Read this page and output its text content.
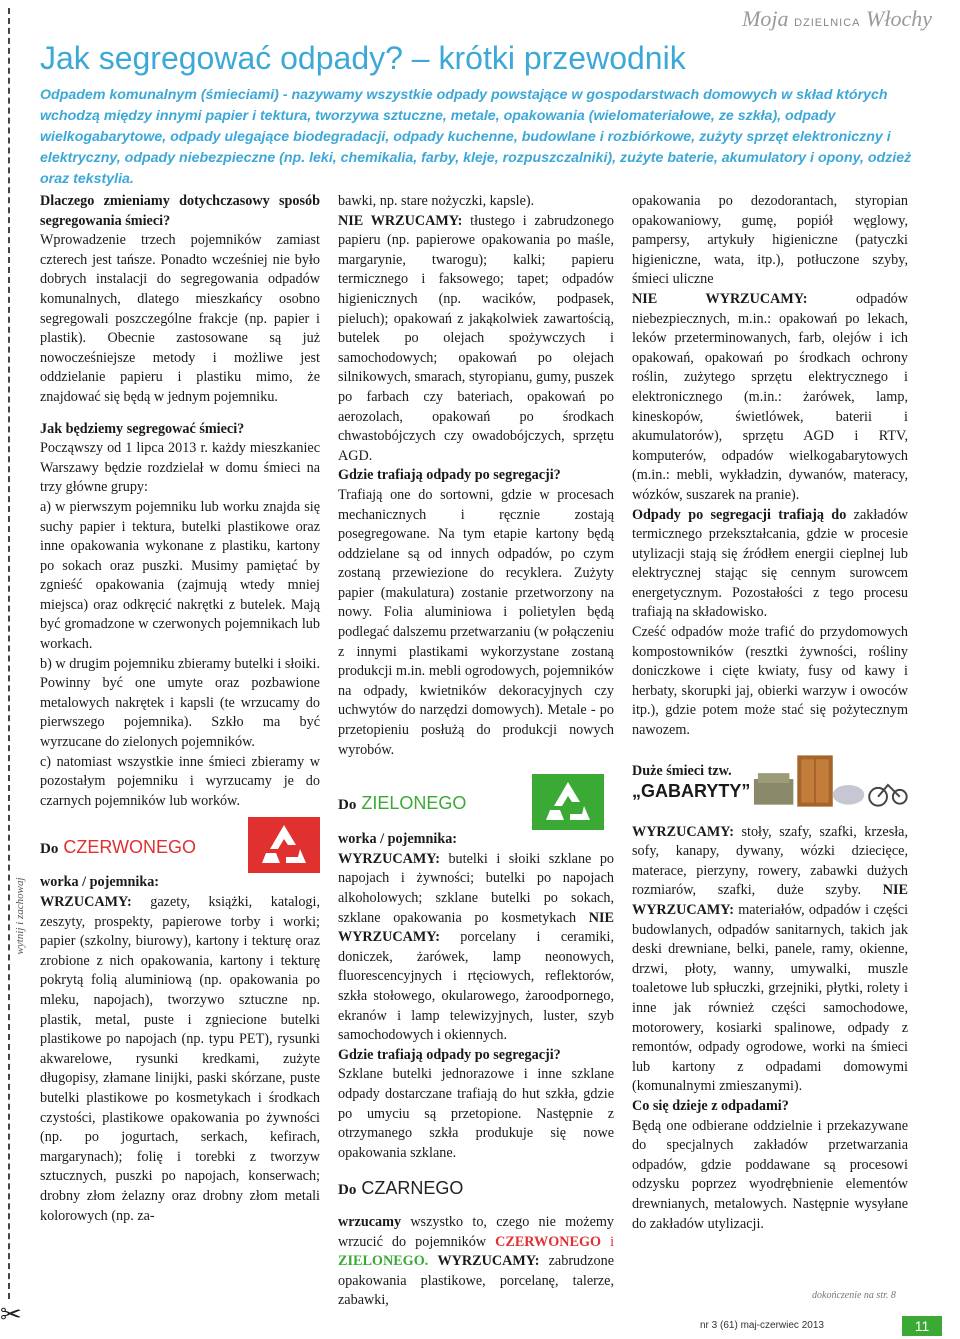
wytnij i zachowaj
✂
Moja DZIELNICA Włochy
Jak segregować odpady? – krótki przewodnik

Odpadem komunalnym (śmieciami) - nazywamy wszystkie odpady powstające w gospodarstwach domowych w skład których wchodzą między innymi papier i tektura, tworzywa sztuczne, metale, opakowania (wielomateriałowe, ze szkła), odpady wielkogabarytowe, odpady ulegające biodegradacji, odpady kuchenne, budowlane i rozbiórkowe, zużyty sprzęt elektroniczny i elektryczny, odpady niebezpieczne (np. leki, chemikalia, farby, kleje, rozpuszczalniki), zużyte baterie, akumulatory i opony, odzież oraz tekstylia.

Dlaczego zmieniamy dotychczasowy sposób segregowania śmieci?

Wprowadzenie trzech pojemników zamiast czterech jest tańsze. Ponadto wcześniej nie było dobrych instalacji do segregowania odpadów komunalnych, dlatego mieszkańcy osobno segregowali poszczególne frakcje (np. papier i plastik). Obecnie zastosowane są już nowocześniejsze metody i możliwe jest oddzielanie papieru i plastiku mimo, że znajdować się będą w jednym pojemniku.

Jak będziemy segregować śmieci?

Począwszy od 1 lipca 2013 r. każdy mieszkaniec Warszawy będzie rozdzielał w domu śmieci na trzy główne grupy:

a) w pierwszym pojemniku lub worku znajda się suchy papier i tektura, butelki plastikowe oraz inne opakowania wykonane z plastiku, kartony po sokach oraz puszki. Musimy pamiętać by zgnieść opakowania (zajmują wtedy mniej miejsca) oraz odkręcić nakrętki z butelek. Mają być gromadzone w czerwonych pojemnikach lub workach.

b) w drugim pojemniku zbieramy butelki i słoiki. Powinny być one umyte oraz pozbawione metalowych nakrętek i kapsli (te wrzucamy do pierwszego pojemnika). Szkło ma być wyrzucane do zielonych pojemników.

c) natomiast wszystkie inne śmieci zbieramy w pozostałym pojemniku i wyrzucamy je do czarnych pojemników lub worków.

Do CZERWONEGO

worka / pojemnika:

WRZUCAMY: gazety, książki, katalogi, zeszyty, prospekty, papierowe torby i worki; papier (szkolny, biurowy), kartony i tekturę oraz zrobione z nich opakowania, kartony i tekturę pokrytą folią aluminiową (np. opakowania po mleku, napojach), tworzywo sztuczne np. plastik, metal, puste i zgniecione butelki plastikowe po napojach (np. typu PET), rysunki akwarelowe, rysunki kredkami, zużyte długopisy, złamane linijki, paski skórzane, puste butelki plastikowe po kosmetykach i środkach czystości, plastikowe opakowania po żywności (np. po jogurtach, serkach, kefirach, margarynach); folię i torebki z tworzyw sztucznych, puszki po napojach, konserwach; drobny złom żelazny oraz drobny złom metali kolorowych (np. za-

bawki, np. stare nożyczki, kapsle).

NIE WRZUCAMY: tłustego i zabrudzonego papieru (np. papierowe opakowania po maśle, margarynie, twarogu); kalki; papieru termicznego i faksowego; tapet; odpadów higienicznych (np. wacików, podpasek, pieluch); opakowań z jakąkolwiek zawartością, butelek po olejach spożywczych i samochodowych; opakowań po olejach silnikowych, smarach, styropianu, gumy, puszek po farbach czy bateriach, opakowań po aerozolach, opakowań po środkach chwastobójczych czy owadobójczych, sprzętu AGD.

Gdzie trafiają odpady po segregacji?

Trafiają one do sortowni, gdzie w procesach mechanicznych i ręcznie zostają posegregowane. Na tym etapie kartony będą oddzielane są od innych odpadów, po czym zostaną przewiezione do recyklera. Zużyty papier (makulatura) zostanie przetworzony na nowy. Folia aluminiowa i polietylen będą podlegać dalszemu przetwarzaniu (w połączeniu z innymi plastikami wykorzystane zostaną produkcji m.in. mebli ogrodowych, pojemników na odpady, kwietników dekoracyjnych czy uchwytów do narzędzi domowych). Metale - po przetopieniu posłużą do produkcji nowych wyrobów.

Do ZIELONEGO

worka / pojemnika:

WYRZUCAMY: butelki i słoiki szklane po napojach i żywności; butelki po napojach alkoholowych; szklane butelki po sokach, szklane opakowania po kosmetykach NIE WYRZUCAMY: porcelany i ceramiki, doniczek, żarówek, lamp neonowych, fluorescencyjnych i rtęciowych, reflektorów, szkła stołowego, okularowego, żaroodpornego, ekranów i lamp telewizyjnych, luster, szyb samochodowych i okiennych.

Gdzie trafiają odpady po segregacji?

Szklane butelki jednorazowe i inne szklane odpady dostarczane trafiają do hut szkła, gdzie po umyciu są przetopione. Następnie z otrzymanego szkła produkuje się nowe opakowania szklane.

Do CZARNEGO

wrzucamy wszystko to, czego nie możemy wrzucić do pojemników CZERWONEGO i ZIELONEGO. WYRZUCAMY: zabrudzone opakowania plastikowe, porcelanę, talerze, zabawki,

opakowania po dezodorantach, styropian opakowaniowy, gumę, popiół węglowy, pampersy, artykuły higieniczne (patyczki higieniczne, wata, itp.), potłuczone szyby, śmieci uliczne

NIE WYRZUCAMY:	odpadów niebezpiecznych, m.in.: opakowań po lekach, leków przeterminowanych, farb, olejów i ich opakowań, opakowań po środkach ochrony roślin, zużytego sprzętu elektrycznego i elektronicznego (m.in.: żarówek, lamp, kineskopów, świetlówek, baterii i akumulatorów), sprzętu AGD i RTV, komputerów, odpadów wielkogabarytowych (m.in.: mebli, wykładzin, dywanów, materacy, wózków, suszarek na pranie).

Odpady po segregacji trafiają do zakładów termicznego przekształcania, gdzie w procesie utylizacji stają się źródłem energii cieplnej lub elektrycznej stając się cennym surowcem energetycznym. Pozostałości z tego procesu trafiają na składowisko.

Cześć odpadów może trafić do przydomowych kompostowników (resztki żywności, rośliny doniczkowe i cięte kwiaty, fusy od kawy i herbaty, skorupki jaj, obierki warzyw i owoców itp.), gdzie potem może stać się pożytecznym nawozem.

Duże śmieci tzw.

„GABARYTY”

WYRZUCAMY: stoły, szafy, szafki, krzesła, sofy, kanapy, dywany, wózki dziecięce, materace, pierzyny, rowery, zabawki dużych rozmiarów, szafki, duże szyby. NIE WYRZUCAMY: materiałów, odpadów i części budowlanych, odpadów sanitarnych, takich jak deski drewniane, belki, panele, ramy, okienne, drzwi, płoty, wanny, umywalki, muszle toaletowe lub spłuczki, grzejniki, płytki, rolety i inne jak również części samochodowe, motorowery, kosiarki spalinowe, odpady z remontów, odpady ogrodowe, worki na śmieci lub kartony z odpadami domowymi (komunalnymi zmieszanymi).

Co się dzieje z odpadami?

Będą one odbierane oddzielnie i przekazywane do specjalnych zakładów przetwarzania odpadów, gdzie poddawane są procesowi odzysku poprzez wyodrębnienie elementów drewnianych, metalowych. Następnie wysyłane do zakładów utylizacji.

dokończenie na str. 8
nr 3 (61) maj-czerwiec 2013	11
